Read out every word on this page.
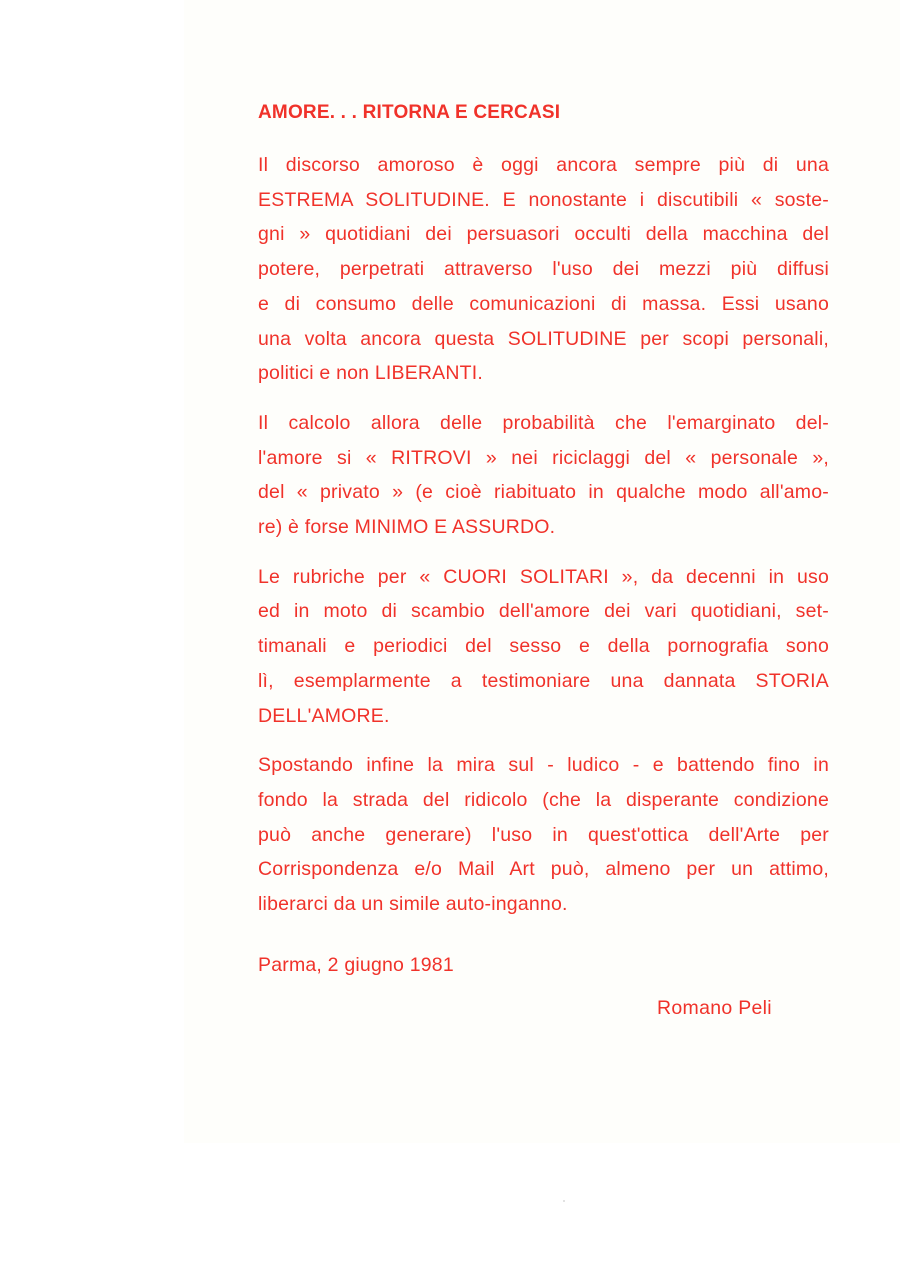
AMORE. . . RITORNA E CERCASI

Il discorso amoroso è oggi ancora sempre più di una
ESTREMA SOLITUDINE. E nonostante i discutibili « soste-
gni » quotidiani dei persuasori occulti della macchina del
potere, perpetrati attraverso l'uso dei mezzi più diffusi
e di consumo delle comunicazioni di massa. Essi usano
una volta ancora questa SOLITUDINE per scopi personali,
politici e non LIBERANTI.

Il calcolo allora delle probabilità che l'emarginato del-
l'amore si « RITROVI » nei riciclaggi del « personale »,
del « privato » (e cioè riabituato in qualche modo all'amo-
re) è forse MINIMO E ASSURDO.

Le rubriche per « CUORI SOLITARI », da decenni in uso
ed in moto di scambio dell'amore dei vari quotidiani, set-
timanali e periodici del sesso e della pornografia sono
lì, esemplarmente a testimoniare una dannata STORIA
DELL'AMORE.

Spostando infine la mira sul - ludico - e battendo fino in
fondo la strada del ridicolo (che la disperante condizione
può anche generare) l'uso in quest'ottica dell'Arte per
Corrispondenza e/o Mail Art può, almeno per un attimo,
liberarci da un simile auto-inganno.

Parma, 2 giugno 1981
Romano Peli
